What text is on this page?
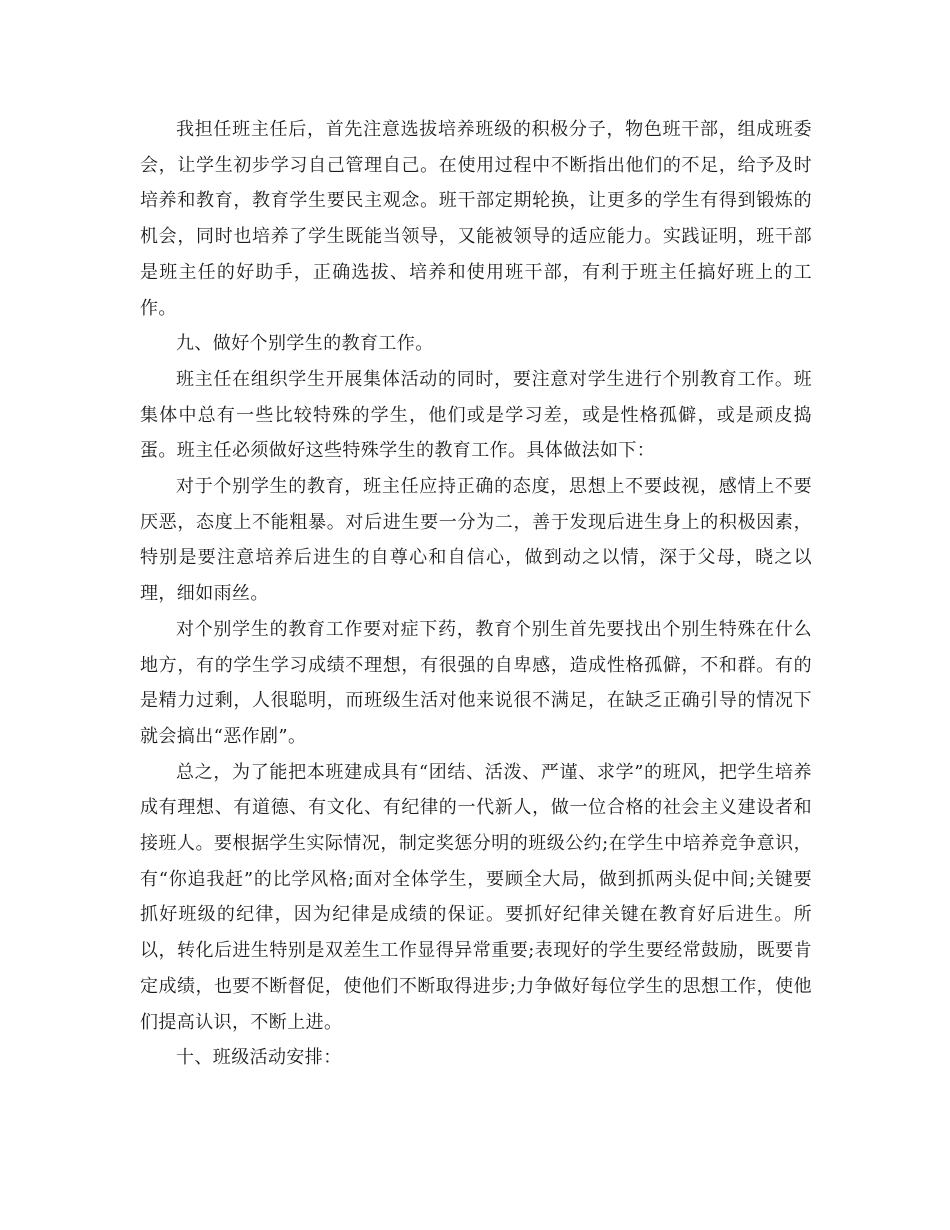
我担任班主任后，首先注意选拔培养班级的积极分子，物色班干部，组成班委会，让学生初步学习自己管理自己。在使用过程中不断指出他们的不足，给予及时培养和教育，教育学生要民主观念。班干部定期轮换，让更多的学生有得到锻炼的机会，同时也培养了学生既能当领导，又能被领导的适应能力。实践证明，班干部是班主任的好助手，正确选拔、培养和使用班干部，有利于班主任搞好班上的工作。

九、做好个别学生的教育工作。

班主任在组织学生开展集体活动的同时，要注意对学生进行个别教育工作。班集体中总有一些比较特殊的学生，他们或是学习差，或是性格孤僻，或是顽皮捣蛋。班主任必须做好这些特殊学生的教育工作。具体做法如下：

对于个别学生的教育，班主任应持正确的态度，思想上不要歧视，感情上不要厌恶，态度上不能粗暴。对后进生要一分为二，善于发现后进生身上的积极因素，特别是要注意培养后进生的自尊心和自信心，做到动之以情，深于父母，晓之以理，细如雨丝。

对个别学生的教育工作要对症下药，教育个别生首先要找出个别生特殊在什么地方，有的学生学习成绩不理想，有很强的自卑感，造成性格孤僻，不和群。有的是精力过剩，人很聪明，而班级生活对他来说很不满足，在缺乏正确引导的情况下就会搞出“恶作剧”。

总之，为了能把本班建成具有“团结、活泼、严谨、求学”的班风，把学生培养成有理想、有道德、有文化、有纪律的一代新人，做一位合格的社会主义建设者和接班人。要根据学生实际情况，制定奖惩分明的班级公约;在学生中培养竞争意识，有“你追我赶”的比学风格;面对全体学生，要顾全大局，做到抓两头促中间;关键要抓好班级的纪律，因为纪律是成绩的保证。要抓好纪律关键在教育好后进生。所以，转化后进生特别是双差生工作显得异常重要;表现好的学生要经常鼓励，既要肯定成绩，也要不断督促，使他们不断取得进步;力争做好每位学生的思想工作，使他们提高认识，不断上进。

十、班级活动安排：
